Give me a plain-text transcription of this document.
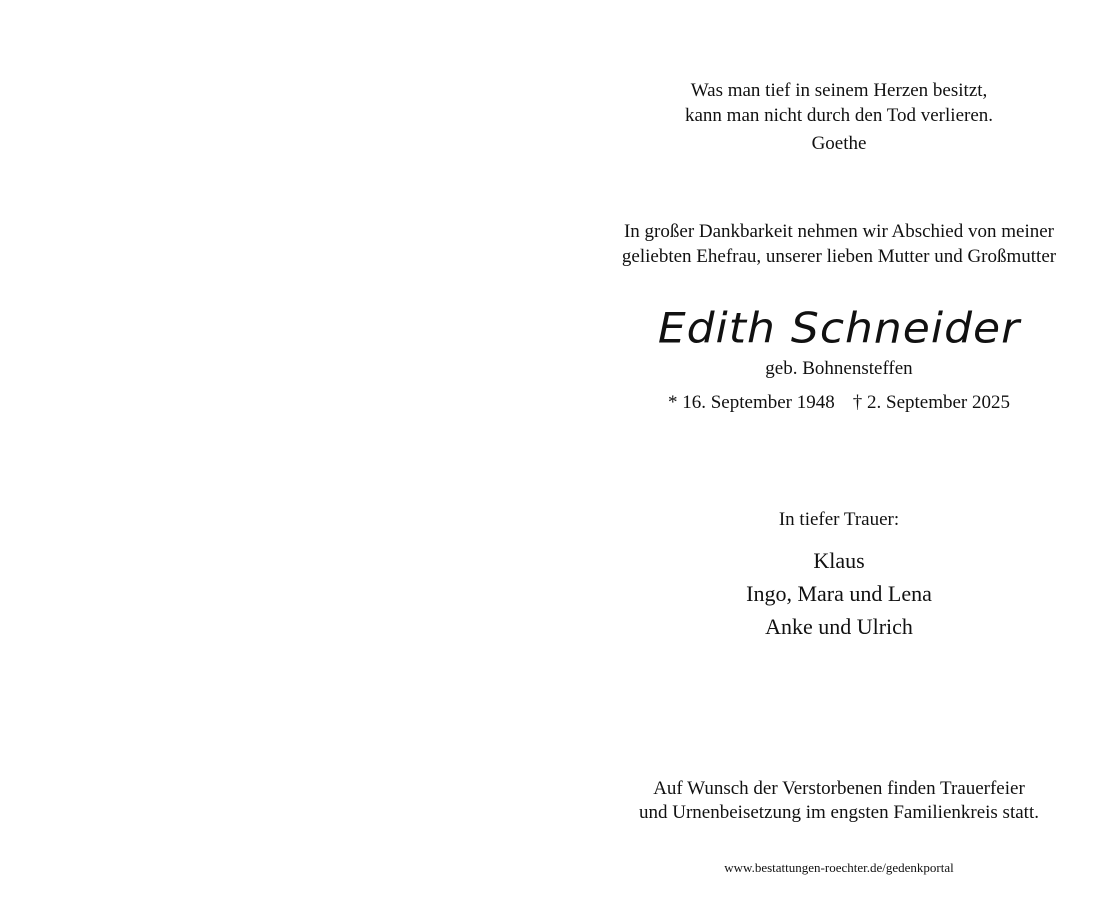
Was man tief in seinem Herzen besitzt,
kann man nicht durch den Tod verlieren.
Goethe
In großer Dankbarkeit nehmen wir Abschied von meiner
geliebten Ehefrau, unserer lieben Mutter und Großmutter
Edith Schneider
geb. Bohnensteffen
* 16. September 1948 † 2. September 2025
In tiefer Trauer:
Klaus
Ingo, Mara und Lena
Anke und Ulrich
Auf Wunsch der Verstorbenen finden Trauerfeier
und Urnenbeisetzung im engsten Familienkreis statt.
www.bestattungen-roechter.de/gedenkportal
